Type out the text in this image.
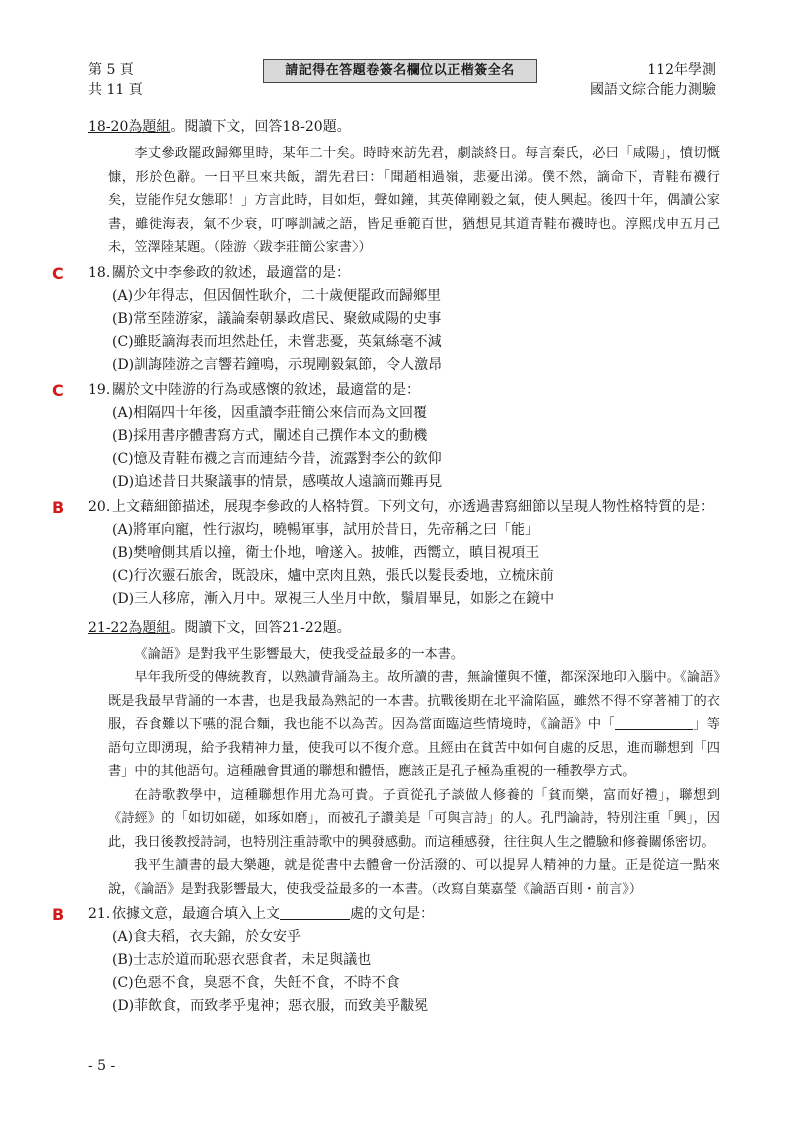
第 5 頁
共 11 頁
請記得在答題卷簽名欄位以正楷簽全名	112年學測
國語文綜合能力測驗
18-20為題組。閱讀下文，回答18-20題。

李丈參政罷政歸鄉里時，某年二十矣。時時來訪先君，劇談終日。每言秦氏，必曰「咸陽」，憤切慨慷，形於色辭。一日平旦來共飯，謂先君曰：「聞趙相過嶺，悲憂出涕。僕不然，謫命下，青鞋布襪行矣，豈能作兒女態耶！」方言此時，目如炬，聲如鐘，其英偉剛毅之氣，使人興起。後四十年，偶讀公家書，雖徙海表，氣不少衰，叮嚀訓誡之語，皆足垂範百世，猶想見其道青鞋布襪時也。淳熙戊申五月己未，笠澤陸某題。（陸游〈跋李莊簡公家書〉）

C 18. 關於文中李參政的敘述，最適當的是：
(A)少年得志，但因個性耿介，二十歲便罷政而歸鄉里
(B)常至陸游家，議論秦朝暴政虐民、聚斂咸陽的史事
(C)雖貶謫海表而坦然赴任，未嘗悲憂，英氣絲毫不減
(D)訓誨陸游之言響若鐘鳴，示現剛毅氣節，令人激昂
C 19. 關於文中陸游的行為或感懷的敘述，最適當的是：
(A)相隔四十年後，因重讀李莊簡公來信而為文回覆
(B)採用書序體書寫方式，闡述自己撰作本文的動機
(C)憶及青鞋布襪之言而連結今昔，流露對李公的欽仰
(D)追述昔日共聚議事的情景，感嘆故人遠謫而難再見
B 20. 上文藉細節描述，展現李參政的人格特質。下列文句，亦透過書寫細節以呈現人物性格特質的是：
(A)將軍向寵，性行淑均，曉暢軍事，試用於昔日，先帝稱之曰「能」
(B)樊噲側其盾以撞，衛士仆地，噲遂入。披帷，西嚮立，瞋目視項王
(C)行次靈石旅舍，既設床，爐中烹肉且熟，張氏以髮長委地，立梳床前
(D)三人移席，漸入月中。眾視三人坐月中飲，鬚眉畢見，如影之在鏡中
21-22為題組。閱讀下文，回答21-22題。

《論語》是對我平生影響最大，使我受益最多的一本書。

早年我所受的傳統教育，以熟讀背誦為主。故所讀的書，無論懂與不懂，都深深地印入腦中。《論語》既是我最早背誦的一本書，也是我最為熟記的一本書。抗戰後期在北平淪陷區，雖然不得不穿著補丁的衣服，吞食難以下嚥的混合麵，我也能不以為苦。因為當面臨這些情境時，《論語》中「	」等語句立即湧現，給予我精神力量，使我可以不復介意。且經由在貧苦中如何自處的反思，進而聯想到「四書」中的其他語句。這種融會貫通的聯想和體悟，應該正是孔子極為重視的一種教學方式。

在詩歌教學中，這種聯想作用尤為可貴。子貢從孔子談做人修養的「貧而樂，富而好禮」，聯想到《詩經》的「如切如磋，如琢如磨」，而被孔子讚美是「可與言詩」的人。孔門論詩，特別注重「興」，因此，我日後教授詩詞，也特別注重詩歌中的興發感動。而這種感發，往往與人生之體驗和修養關係密切。

我平生讀書的最大樂趣，就是從書中去體會一份活潑的、可以提昇人精神的力量。正是從這一點來說，《論語》是對我影響最大，使我受益最多的一本書。（改寫自葉嘉瑩《論語百則・前言》）

B 21. 依據文意，最適合填入上文	處的文句是：
(A)食夫稻，衣夫錦，於女安乎
(B)士志於道而恥惡衣惡食者，未足與議也
(C)色惡不食，臭惡不食，失飪不食，不時不食
(D)菲飲食，而致孝乎鬼神；惡衣服，而致美乎黻冕
- 5 -
